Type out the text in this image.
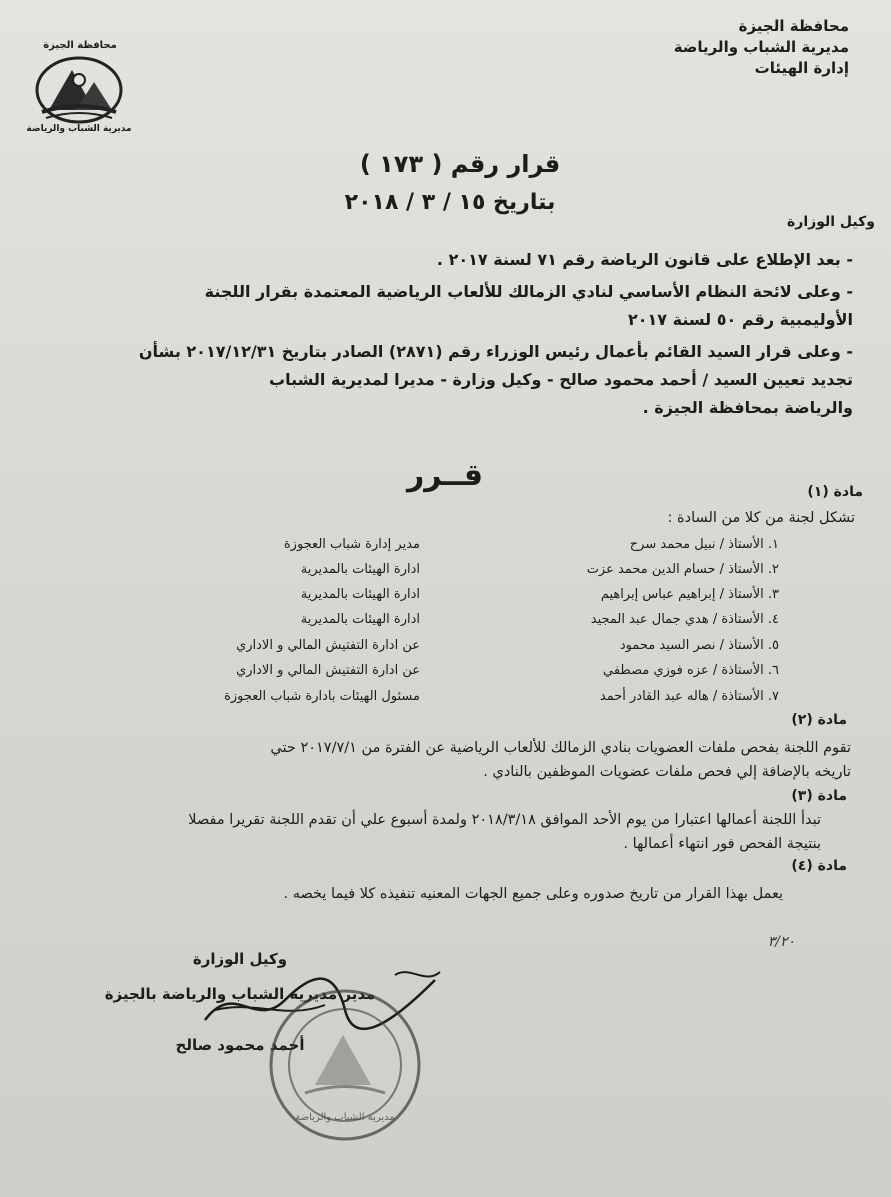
محافظة الجيزة
مديرية الشباب والرياضة
إدارة الهيئات
محافظة الجيزة
مديرية الشباب والرياضة
قرار رقم ( ١٧٣ )
بتاريخ ١٥ / ٣ / ٢٠١٨
وكيل الوزارة
- بعد الإطلاع على قانون الرياضة رقم ٧١ لسنة ٢٠١٧ .
- وعلى لائحة النظام الأساسي لنادي الزمالك للألعاب الرياضية المعتمدة بقرار اللجنة
الأوليمبية رقم ٥٠ لسنة ٢٠١٧
- وعلى قرار السيد القائم بأعمال رئيس الوزراء رقم (٢٨٧١) الصادر بتاريخ ٢٠١٧/١٢/٣١ بشأن
تجديد تعيين السيد / أحمد محمود صالح - وكيل وزارة - مديرا لمديرية الشباب
والرياضة بمحافظة الجيزة .
قــرر	مادة (١)
تشكل لجنة من كلا من السادة :
١. الأستاذ / نبيل محمد سرح
مدير إدارة شباب العجوزة
٢. الأستاذ / حسام الدين محمد عزت
ادارة الهيئات بالمديرية
٣. الأستاذ / إبراهيم عباس إبراهيم
ادارة الهيئات بالمديرية
٤. الأستاذة / هدي جمال عبد المجيد
ادارة الهيئات بالمديرية
٥. الأستاذ / نصر السيد محمود
عن ادارة التفتيش المالي و الاداري
٦. الأستاذة / عزه فوزي مصطفي
عن ادارة التفتيش المالي و الاداري
٧. الأستاذة / هاله عبد القادر أحمد
مسئول الهيئات بادارة شباب العجوزة
مادة (٢)
تقوم اللجنة بفحص ملفات العضويات بنادي الزمالك للألعاب الرياضية عن الفترة من ٢٠١٧/٧/١ حتي
تاريخه بالإضافة إلي فحص ملفات عضويات الموظفين بالنادي .
مادة (٣)
تبدأ اللجنة أعمالها اعتبارا من يوم الأحد الموافق ٢٠١٨/٣/١٨ ولمدة أسبوع علي أن تقدم اللجنة تقريرا مفصلا
بنتيجة الفحص فور انتهاء أعمالها .
مادة (٤)
يعمل بهذا القرار من تاريخ صدوره وعلى جميع الجهات المعنيه تنفيذه كلا فيما يخصه .
٣/٢٠
وكيل الوزارة
مدير مديرية الشباب والرياضة بالجيزة
أحمد محمود صالح
مديرية الشباب والرياضة
